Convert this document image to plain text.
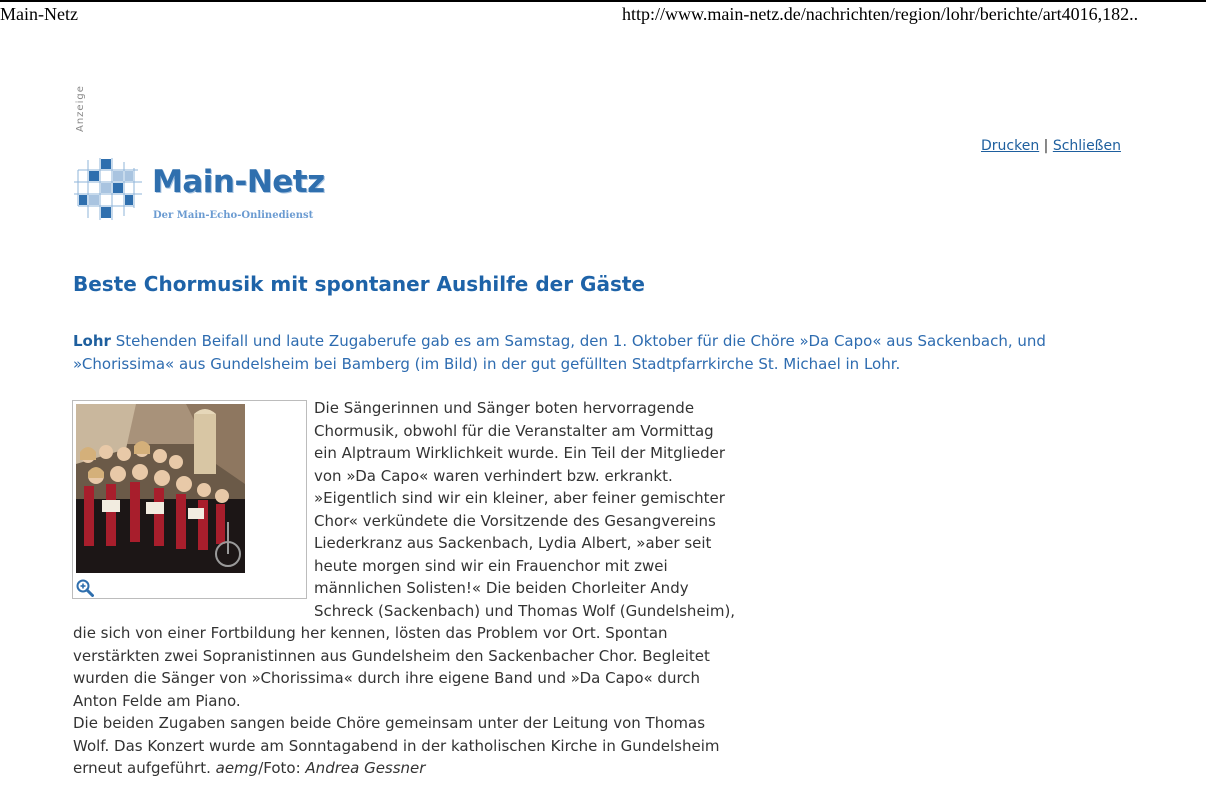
Main-Netz	http://www.main-netz.de/nachrichten/region/lohr/berichte/art4016,182..
Anzeige
Main-Netz
Der Main-Echo-Onlinedienst
Drucken | Schließen
Beste Chormusik mit spontaner Aushilfe der Gäste

Lohr Stehenden Beifall und laute Zugaberufe gab es am Samstag, den 1. Oktober für die Chöre »Da Capo« aus Sackenbach, und »Chorissima« aus Gundelsheim bei Bamberg (im Bild) in der gut gefüllten Stadtpfarrkirche St. Michael in Lohr.

Die Sängerinnen und Sänger boten hervorragende Chormusik, obwohl für die Veranstalter am Vormittag ein Alptraum Wirklichkeit wurde. Ein Teil der Mitglieder von »Da Capo« waren verhindert bzw. erkrankt. »Eigentlich sind wir ein kleiner, aber feiner gemischter Chor« verkündete die Vorsitzende des Gesangvereins Liederkranz aus Sackenbach, Lydia Albert, »aber seit heute morgen sind wir ein Frauenchor mit zwei männlichen Solisten!« Die beiden Chorleiter Andy Schreck (Sackenbach) und Thomas Wolf (Gundelsheim), die sich von einer Fortbildung her kennen, lösten das Problem vor Ort. Spontan verstärkten zwei Sopranistinnen aus Gundelsheim den Sackenbacher Chor. Begleitet wurden die Sänger von »Chorissima« durch ihre eigene Band und »Da Capo« durch Anton Felde am Piano.

Die beiden Zugaben sangen beide Chöre gemeinsam unter der Leitung von Thomas Wolf. Das Konzert wurde am Sonntagabend in der katholischen Kirche in Gundelsheim erneut aufgeführt. aemg/Foto: Andrea Gessner
